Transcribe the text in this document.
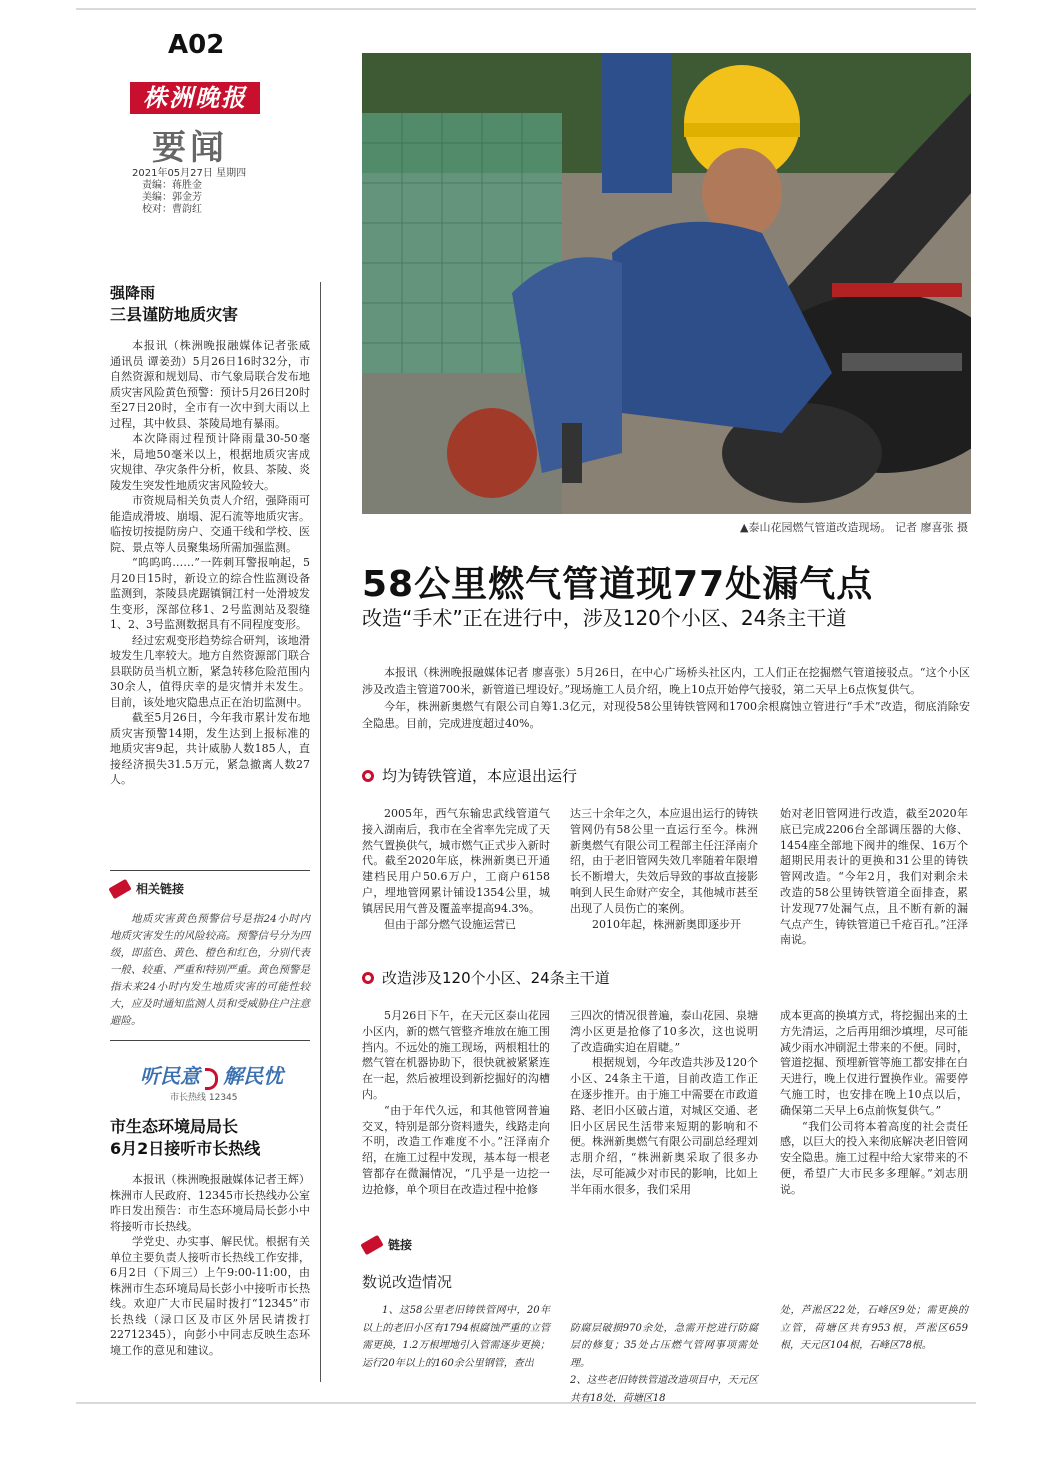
A02
株洲晚报
要闻
2021年05月27日 星期四
责编：蒋胜金
美编：郭金芳
校对：曹韵红
强降雨
三县谨防地质灾害

本报讯（株洲晚报融媒体记者张威 通讯员 谭姜劲）5月26日16时32分，市自然资源和规划局、市气象局联合发布地质灾害风险黄色预警：预计5月26日20时至27日20时，全市有一次中到大雨以上过程，其中攸县、茶陵局地有暴雨。

本次降雨过程预计降雨量30-50毫米，局地50毫米以上，根据地质灾害成灾规律、孕灾条件分析，攸县、茶陵、炎陵发生突发性地质灾害风险较大。

市资规局相关负责人介绍，强降雨可能造成滑坡、崩塌、泥石流等地质灾害。临按切按提防房户、交通干线和学校、医院、景点等人员聚集场所需加强监测。

“呜呜呜……”一阵刺耳警报响起，5月20日15时，新设立的综合性监测设备监测到，茶陵县虎踞镇铜江村一处滑坡发生变形，深部位移1、2号监测站及裂缝1、2、3号监测数据具有不同程度变形。

经过宏观变形趋势综合研判，该地滑坡发生几率较大。地方自然资源部门联合县联防员当机立断，紧急转移危险范围内30余人，值得庆幸的是灾情并未发生。目前，该处地灾隐患点正在治切监测中。

截至5月26日，今年我市累计发布地质灾害预警14期，发生达到上报标准的地质灾害9起，共计威胁人数185人，直接经济损失31.5万元，紧急撤离人数27人。

相关链接
地质灾害黄色预警信号是指24小时内地质灾害发生的风险较高。预警信号分为四级，即蓝色、黄色、橙色和红色，分别代表一般、较重、严重和特别严重。黄色预警是指未来24小时内发生地质灾害的可能性较大，应及时通知监测人员和受威胁住户注意避险。
听民意 解民忧
市长热线 12345
市生态环境局局长
6月2日接听市长热线

本报讯（株洲晚报融媒体记者王辉）株洲市人民政府、12345市长热线办公室昨日发出预告：市生态环境局局长彭小中将接听市长热线。

学党史、办实事、解民忧。根据有关单位主要负责人接听市长热线工作安排，6月2日（下周三）上午9:00-11:00，由株洲市生态环境局局长彭小中接听市长热线。欢迎广大市民届时拨打“12345”市长热线（渌口区及市区外居民请拨打22712345），向彭小中同志反映生态环境工作的意见和建议。

▲泰山花园燃气管道改造现场。 记者 廖喜张 摄
58公里燃气管道现77处漏气点
改造“手术”正在进行中，涉及120个小区、24条主干道

本报讯（株洲晚报融媒体记者 廖喜张）5月26日，在中心广场桥头社区内，工人们正在挖掘燃气管道接驳点。“这个小区涉及改造主管道700米，新管道已埋设好。”现场施工人员介绍，晚上10点开始停气接驳，第二天早上6点恢复供气。

今年，株洲新奥燃气有限公司自筹1.3亿元，对现役58公里铸铁管网和1700余根腐蚀立管进行“手术”改造，彻底消除安全隐患。目前，完成进度超过40%。

均为铸铁管道，本应退出运行

2005年，西气东输忠武线管道气接入湖南后，我市在全省率先完成了天然气置换供气，城市燃气正式步入新时代。截至2020年底，株洲新奥已开通建档民用户50.6万户，工商户6158户，埋地管网累计铺设1354公里，城镇居民用气普及覆盖率提高94.3%。

但由于部分燃气设施运营已

达三十余年之久，本应退出运行的铸铁管网仍有58公里一直运行至今。株洲新奥燃气有限公司工程部主任汪泽南介绍，由于老旧管网失效几率随着年限增长不断增大，失效后导致的事故直接影响到人民生命财产安全，其他城市甚至出现了人员伤亡的案例。

2010年起，株洲新奥即逐步开

始对老旧管网进行改造，截至2020年底已完成2206台全部调压器的大修、1454座全部地下阀井的维保、16万个超期民用表计的更换和31公里的铸铁管网改造。“今年2月，我们对剩余未改造的58公里铸铁管道全面排查，累计发现77处漏气点，且不断有新的漏气点产生，铸铁管道已千疮百孔。”汪泽南说。

改造涉及120个小区、24条主干道

5月26日下午，在天元区泰山花园小区内，新的燃气管整齐堆放在施工围挡内。不远处的施工现场，两根粗壮的燃气管在机器协助下，很快就被紧紧连在一起，然后被埋设到新挖掘好的沟槽内。

“由于年代久远，和其他管网普遍交叉，特别是部分资料遗失，线路走向不明，改造工作难度不小。”汪泽南介绍，在施工过程中发现，基本每一根老管都存在微漏情况，“几乎是一边挖一边抢修，单个项目在改造过程中抢修

三四次的情况很普遍，泰山花园、泉塘湾小区更是抢修了10多次，这也说明了改造确实迫在眉睫。”

根据规划，今年改造共涉及120个小区、24条主干道，目前改造工作正在逐步推开。由于施工中需要在市政道路、老旧小区破占道，对城区交通、老旧小区居民生活带来短期的影响和不便。株洲新奥燃气有限公司副总经理刘志朋介绍，“株洲新奥采取了很多办法，尽可能减少对市民的影响，比如上半年雨水很多，我们采用

成本更高的换填方式，将挖掘出来的土方先清运，之后再用细沙填埋，尽可能减少雨水冲刷泥土带来的不便。同时，管道挖掘、预埋新管等施工都安排在白天进行，晚上仅进行置换作业。需要停气施工时，也安排在晚上10点以后，确保第二天早上6点前恢复供气。”

“我们公司将本着高度的社会责任感，以巨大的投入来彻底解决老旧管网安全隐患。施工过程中给大家带来的不便，希望广大市民多多理解。”刘志朋说。

链接
数说改造情况

1、这58公里老旧铸铁管网中，20年以上的老旧小区有1794根腐蚀严重的立管需更换，1.2万根埋地引入管需逐步更换；运行20年以上的160余公里钢管，查出

防腐层破损970余处，急需开挖进行防腐层的修复；35处占压燃气管网事项需处理。
2、这些老旧铸铁管道改造项目中，天元区共有18处，荷塘区18

处，芦淞区22处，石峰区9处；需更换的立管，荷塘区共有953根，芦淞区659根，天元区104根，石峰区78根。
